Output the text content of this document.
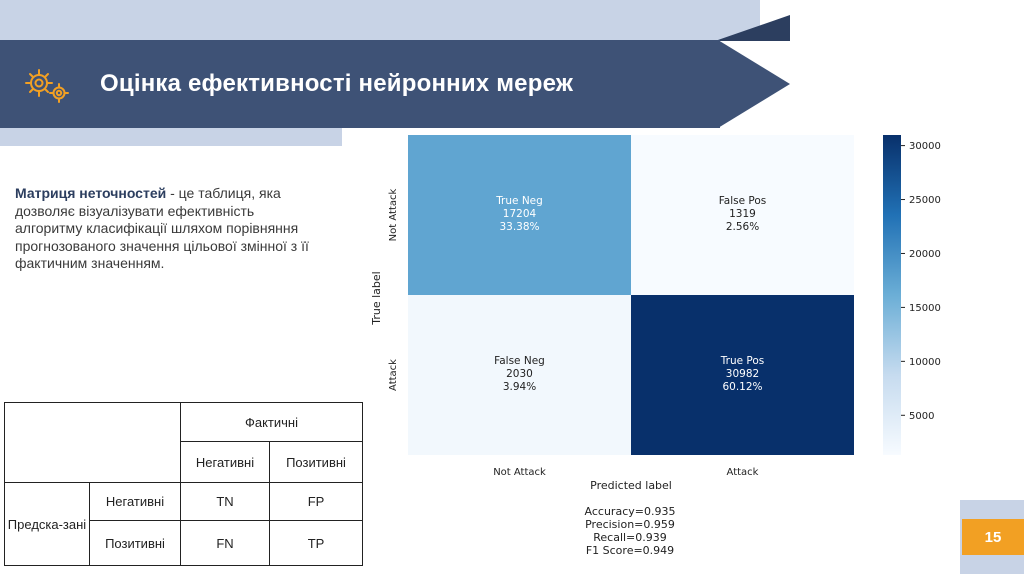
Оцінка ефективності нейронних мереж
Матриця неточностей - це таблиця, яка дозволяє візуалізувати ефективність алгоритму класифікації шляхом порівняння прогнозованого значення цільової змінної з її фактичним значенням.
		Фактичні	
		Негативні	Позитивні
Предска-зані	Негативні	TN	FP
	Позитивні	FN	TP
True Neg
17204
33.38%
False Pos
1319
2.56%
False Neg
2030
3.94%
True Pos
30982
60.12%
Not Attack
Attack
Not Attack	Attack
True label
Predicted label
5000
10000
15000
20000
25000
30000
Accuracy=0.935
Precision=0.959
Recall=0.939
F1 Score=0.949
15
